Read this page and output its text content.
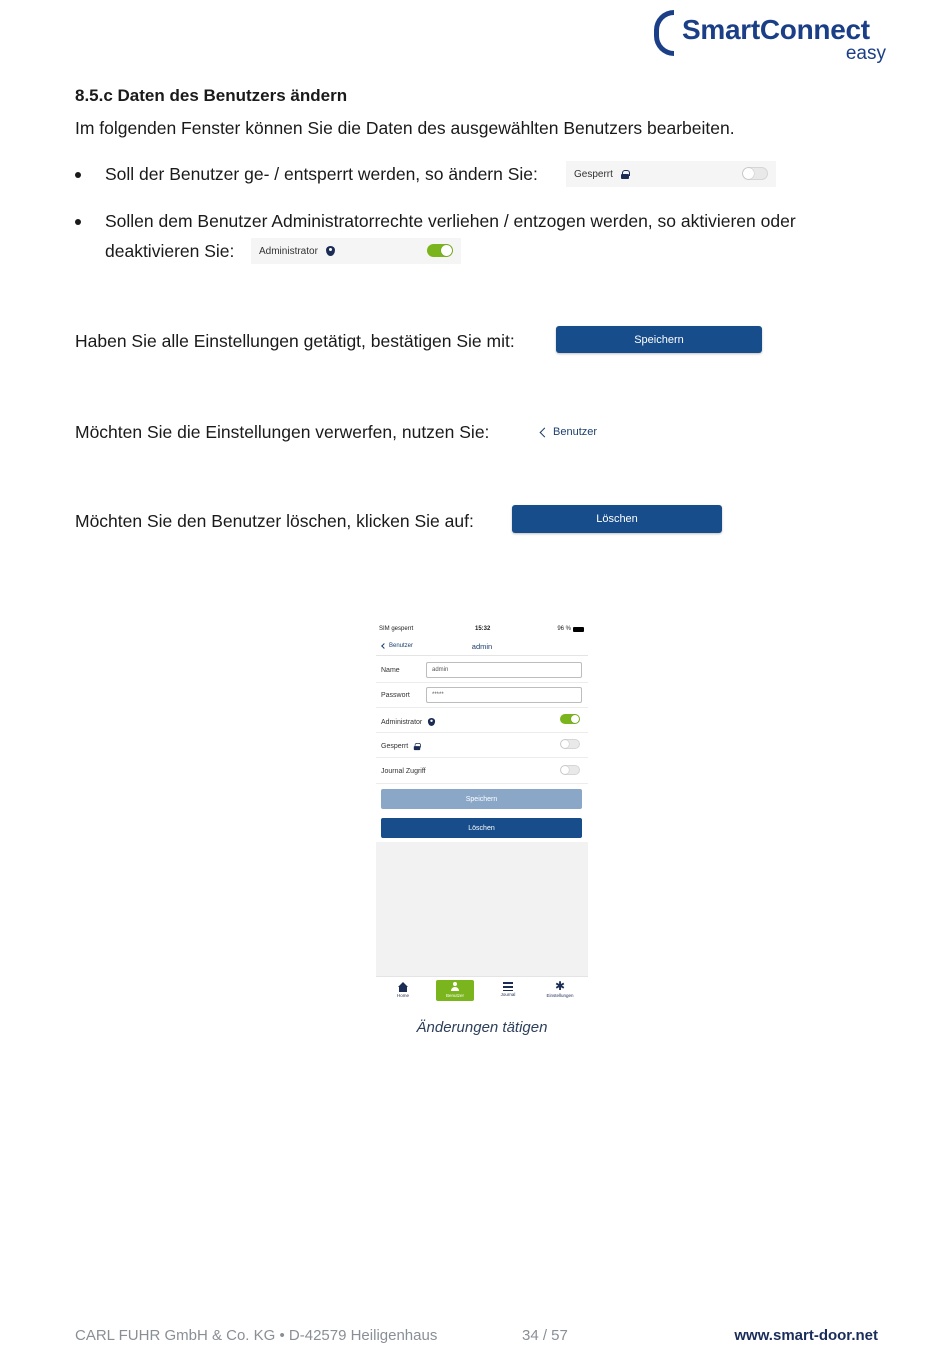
SmartConnect
easy
8.5.c Daten des Benutzers ändern
Im folgenden Fenster können Sie die Daten des ausgewählten Benutzers bearbeiten.
Soll der Benutzer ge- / entsperrt werden, so ändern Sie:	Gesperrt
Sollen dem Benutzer Administratorrechte verliehen / entzogen werden, so aktivieren oder
deaktivieren Sie: Administrator
Haben Sie alle Einstellungen getätigt, bestätigen Sie mit:	Speichern
Möchten Sie die Einstellungen verwerfen, nutzen Sie:	Benutzer
Möchten Sie den Benutzer löschen, klicken Sie auf:	Löschen
SIM gesperrt	15:32	96 %
Benutzer	admin
Name	admin
Passwort	*****
Administrator
Gesperrt
Journal Zugriff
Speichern
Löschen
Home	Benutzer	Journal
✱	Einstellungen
Änderungen tätigen
CARL FUHR GmbH & Co. KG • D-42579 Heiligenhaus	34 / 57	www.smart-door.net
